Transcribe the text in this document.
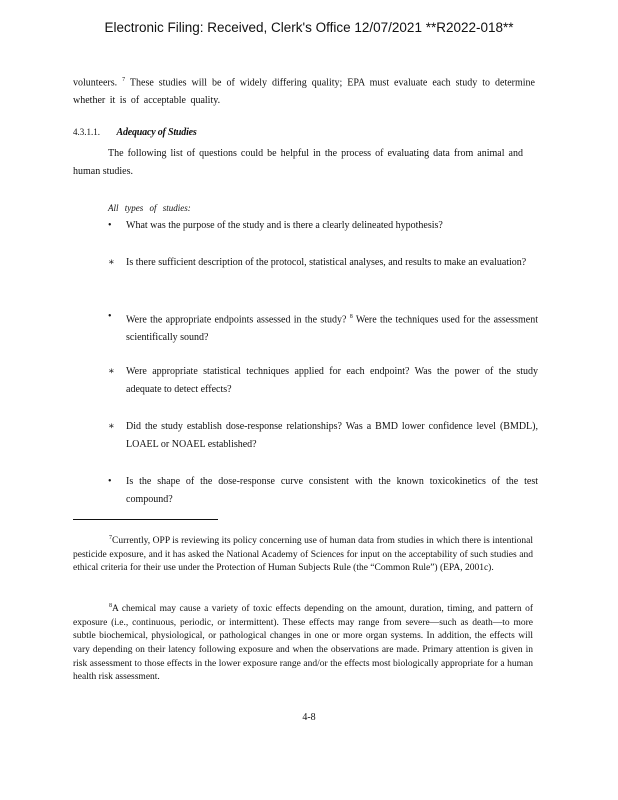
Electronic Filing: Received, Clerk's Office 12/07/2021 **R2022-018**
volunteers. $^7$ These studies will be of widely differing quality; EPA must evaluate each study to determine whether it is of acceptable quality.
4.3.1.1. Adequacy of Studies
The following list of questions could be helpful in the process of evaluating data from animal and human studies.
All types of studies:
•	What was the purpose of the study and is there a clearly delineated hypothesis?
∗	Is there sufficient description of the protocol, statistical analyses, and results to make an evaluation?
•	Were the appropriate endpoints assessed in the study? $^8$ Were the techniques used for the assessment scientifically sound?
∗	Were appropriate statistical techniques applied for each endpoint? Was the power of the study adequate to detect effects?
∗	Did the study establish dose-response relationships? Was a BMD lower confidence level (BMDL), LOAEL or NOAEL established?
•	Is the shape of the dose-response curve consistent with the known toxicokinetics of the test compound?
$^7$Currently, OPP is reviewing its policy concerning use of human data from studies in which there is intentional pesticide exposure, and it has asked the National Academy of Sciences for input on the acceptability of such studies and ethical criteria for their use under the Protection of Human Subjects Rule (the “Common Rule”) (EPA, 2001c).
$^8$A chemical may cause a variety of toxic effects depending on the amount, duration, timing, and pattern of exposure (i.e., continuous, periodic, or intermittent). These effects may range from severe—such as death—to more subtle biochemical, physiological, or pathological changes in one or more organ systems. In addition, the effects will vary depending on their latency following exposure and when the observations are made. Primary attention is given in risk assessment to those effects in the lower exposure range and/or the effects most biologically appropriate for a human health risk assessment.
4-8
